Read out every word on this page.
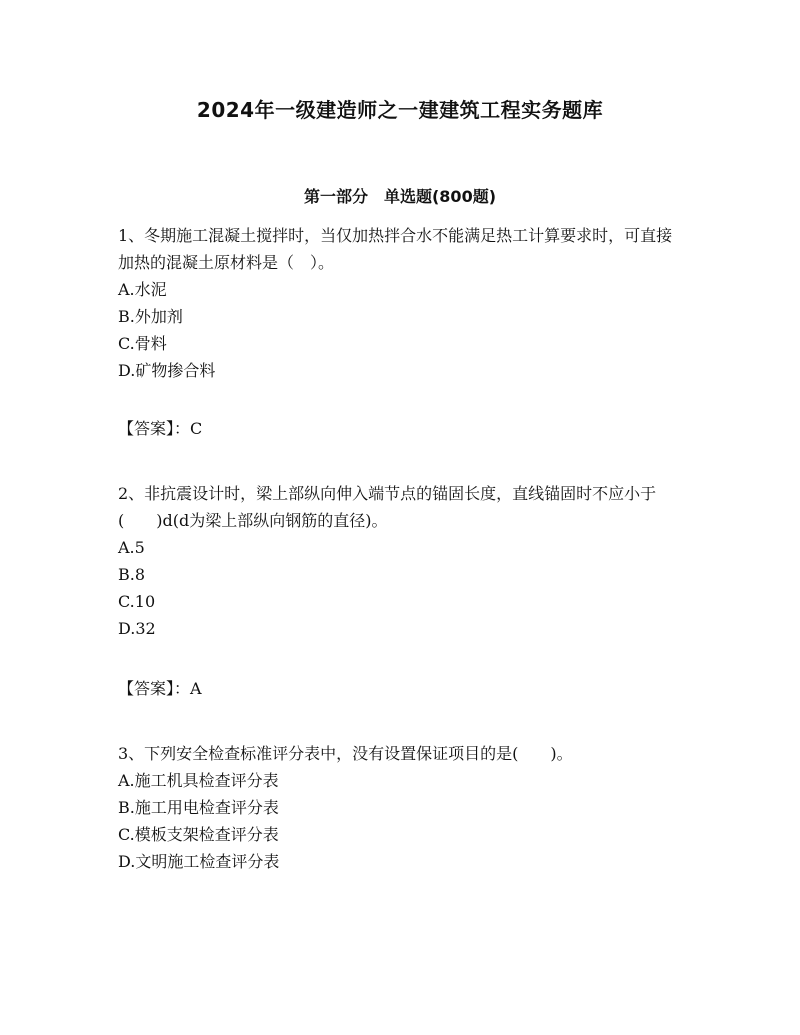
2024年一级建造师之一建建筑工程实务题库
第一部分　单选题(800题)

1、冬期施工混凝土搅拌时，当仅加热拌合水不能满足热工计算要求时，可直接加热的混凝土原材料是（　）。

A.水泥

B.外加剂

C.骨料

D.矿物掺合料

【答案】：C

2、非抗震设计时，梁上部纵向伸入端节点的锚固长度，直线锚固时不应小于(　　)d(d为梁上部纵向钢筋的直径)。

A.5

B.8

C.10

D.32

【答案】：A

3、下列安全检查标准评分表中，没有设置保证项目的是(　　)。

A.施工机具检查评分表

B.施工用电检查评分表

C.模板支架检查评分表

D.文明施工检查评分表
